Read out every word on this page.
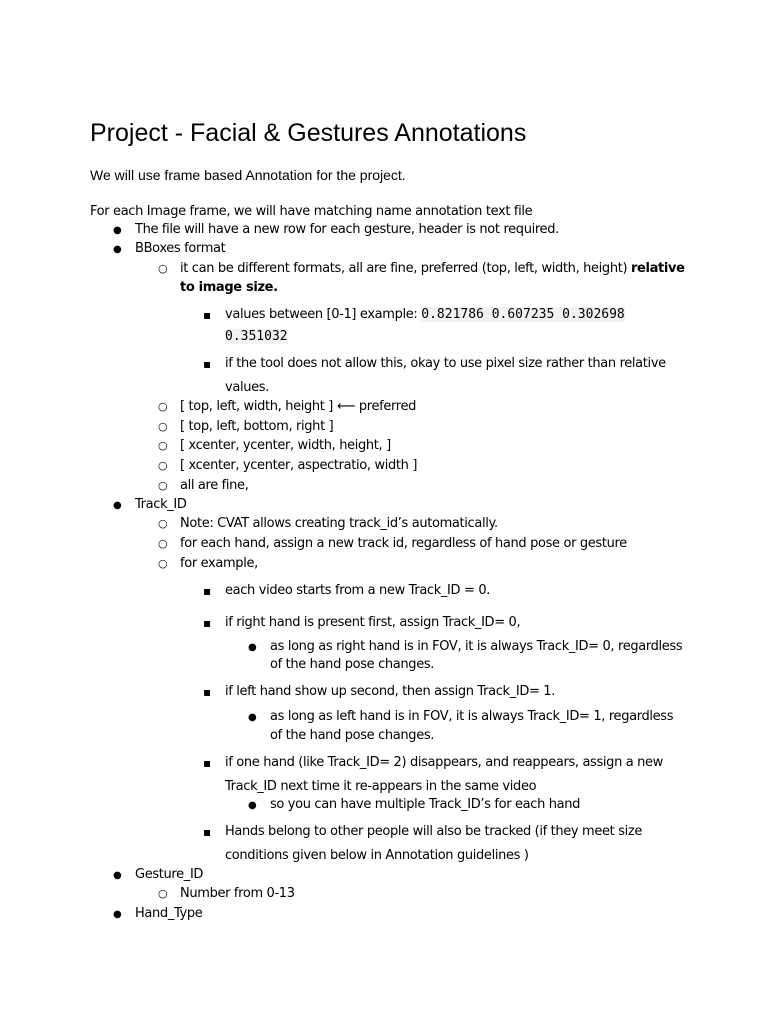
Project - Facial & Gestures Annotations
We will use frame based Annotation for the project.
For each Image frame, we will have matching name annotation text file
●
The file will have a new row for each gesture, header is not required.
●
BBoxes format
○
it can be different formats, all are fine, preferred (top, left, width, height) relative
to image size.
▪
values between [0-1] example: 0.821786 0.607235 0.302698
0.351032
▪
if the tool does not allow this, okay to use pixel size rather than relative
values.
○
[ top, left, width, height ] ⟵ preferred
○
[ top, left, bottom, right ]
○
[ xcenter, ycenter, width, height, ]
○
[ xcenter, ycenter, aspectratio, width ]
○
all are fine,
●
Track_ID
○
Note: CVAT allows creating track_id’s automatically.
○
for each hand, assign a new track id, regardless of hand pose or gesture
○
for example,
▪
each video starts from a new Track_ID = 0.
▪
if right hand is present first, assign Track_ID= 0,
●
as long as right hand is in FOV, it is always Track_ID= 0, regardless
of the hand pose changes.
▪
if left hand show up second, then assign Track_ID= 1.
●
as long as left hand is in FOV, it is always Track_ID= 1, regardless
of the hand pose changes.
▪
if one hand (like Track_ID= 2) disappears, and reappears, assign a new
Track_ID next time it re-appears in the same video
●
so you can have multiple Track_ID’s for each hand
▪
Hands belong to other people will also be tracked (if they meet size
conditions given below in Annotation guidelines )
●
Gesture_ID
○
Number from 0-13
●
Hand_Type
